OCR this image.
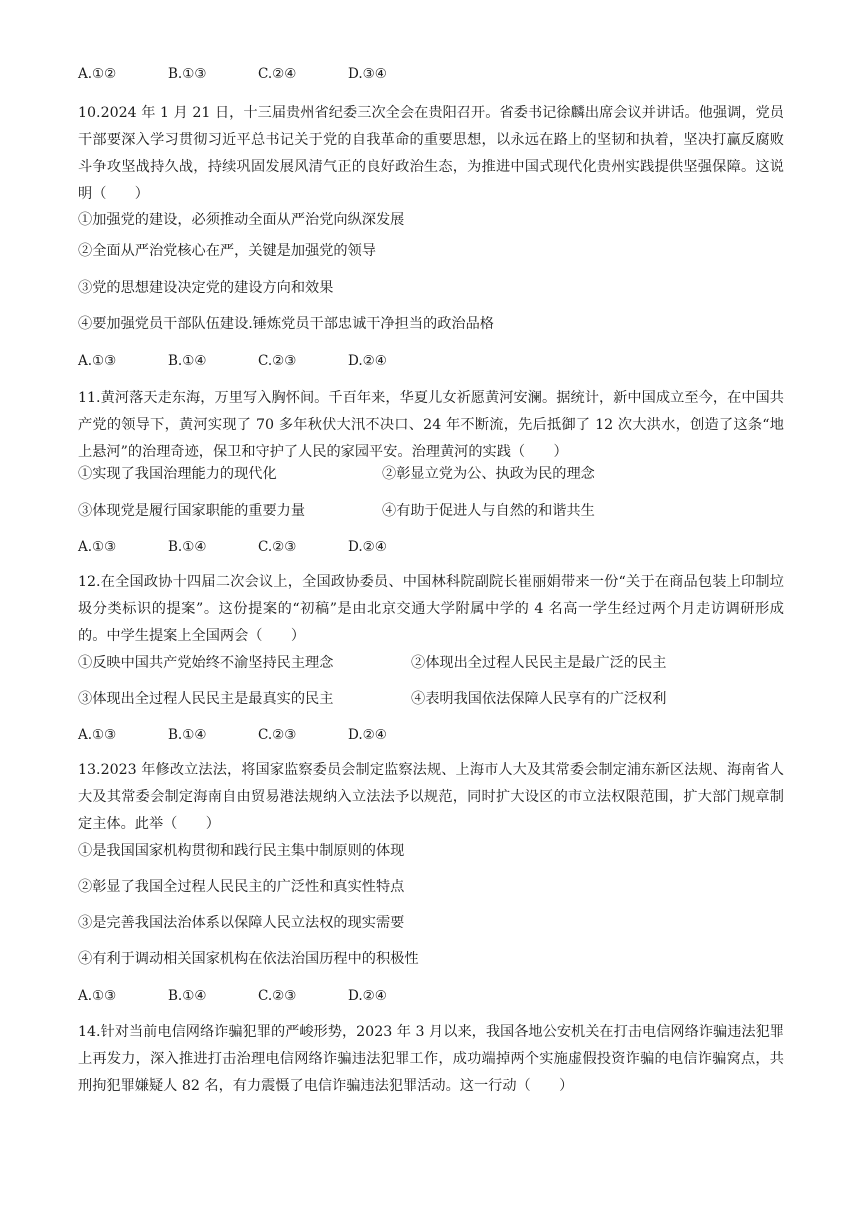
A.①②	B.①③	C.②④	D.③④
10.2024 年 1 月 21 日，十三届贵州省纪委三次全会在贵阳召开。省委书记徐麟出席会议并讲话。他强调，党员干部要深入学习贯彻习近平总书记关于党的自我革命的重要思想，以永远在路上的坚韧和执着，坚决打赢反腐败斗争攻坚战持久战，持续巩固发展风清气正的良好政治生态，为推进中国式现代化贵州实践提供坚强保障。这说明（　　）
①加强党的建设，必须推动全面从严治党向纵深发展
②全面从严治党核心在严，关键是加强党的领导
③党的思想建设决定党的建设方向和效果
④要加强党员干部队伍建设.锤炼党员干部忠诚干净担当的政治品格
A.①③	B.①④	C.②③	D.②④
11.黄河落天走东海，万里写入胸怀间。千百年来，华夏儿女祈愿黄河安澜。据统计，新中国成立至今，在中国共产党的领导下，黄河实现了 70 多年秋伏大汛不决口、24 年不断流，先后抵御了 12 次大洪水，创造了这条“地上悬河”的治理奇迹，保卫和守护了人民的家园平安。治理黄河的实践（　　）
①实现了我国治理能力的现代化	②彰显立党为公、执政为民的理念
③体现党是履行国家职能的重要力量	④有助于促进人与自然的和谐共生
A.①③	B.①④	C.②③	D.②④
12.在全国政协十四届二次会议上，全国政协委员、中国林科院副院长崔丽娟带来一份“关于在商品包装上印制垃圾分类标识的提案”。这份提案的“初稿”是由北京交通大学附属中学的 4 名高一学生经过两个月走访调研形成的。中学生提案上全国两会（　　）
①反映中国共产党始终不渝坚持民主理念	②体现出全过程人民民主是最广泛的民主
③体现出全过程人民民主是最真实的民主	④表明我国依法保障人民享有的广泛权利
A.①③	B.①④	C.②③	D.②④
13.2023 年修改立法法，将国家监察委员会制定监察法规、上海市人大及其常委会制定浦东新区法规、海南省人大及其常委会制定海南自由贸易港法规纳入立法法予以规范，同时扩大设区的市立法权限范围，扩大部门规章制定主体。此举（　　）
①是我国国家机构贯彻和践行民主集中制原则的体现
②彰显了我国全过程人民民主的广泛性和真实性特点
③是完善我国法治体系以保障人民立法权的现实需要
④有利于调动相关国家机构在依法治国历程中的积极性
A.①③	B.①④	C.②③	D.②④
14.针对当前电信网络诈骗犯罪的严峻形势，2023 年 3 月以来，我国各地公安机关在打击电信网络诈骗违法犯罪上再发力，深入推进打击治理电信网络诈骗违法犯罪工作，成功端掉两个实施虚假投资诈骗的电信诈骗窝点，共刑拘犯罪嫌疑人 82 名，有力震慑了电信诈骗违法犯罪活动。这一行动（　　）
